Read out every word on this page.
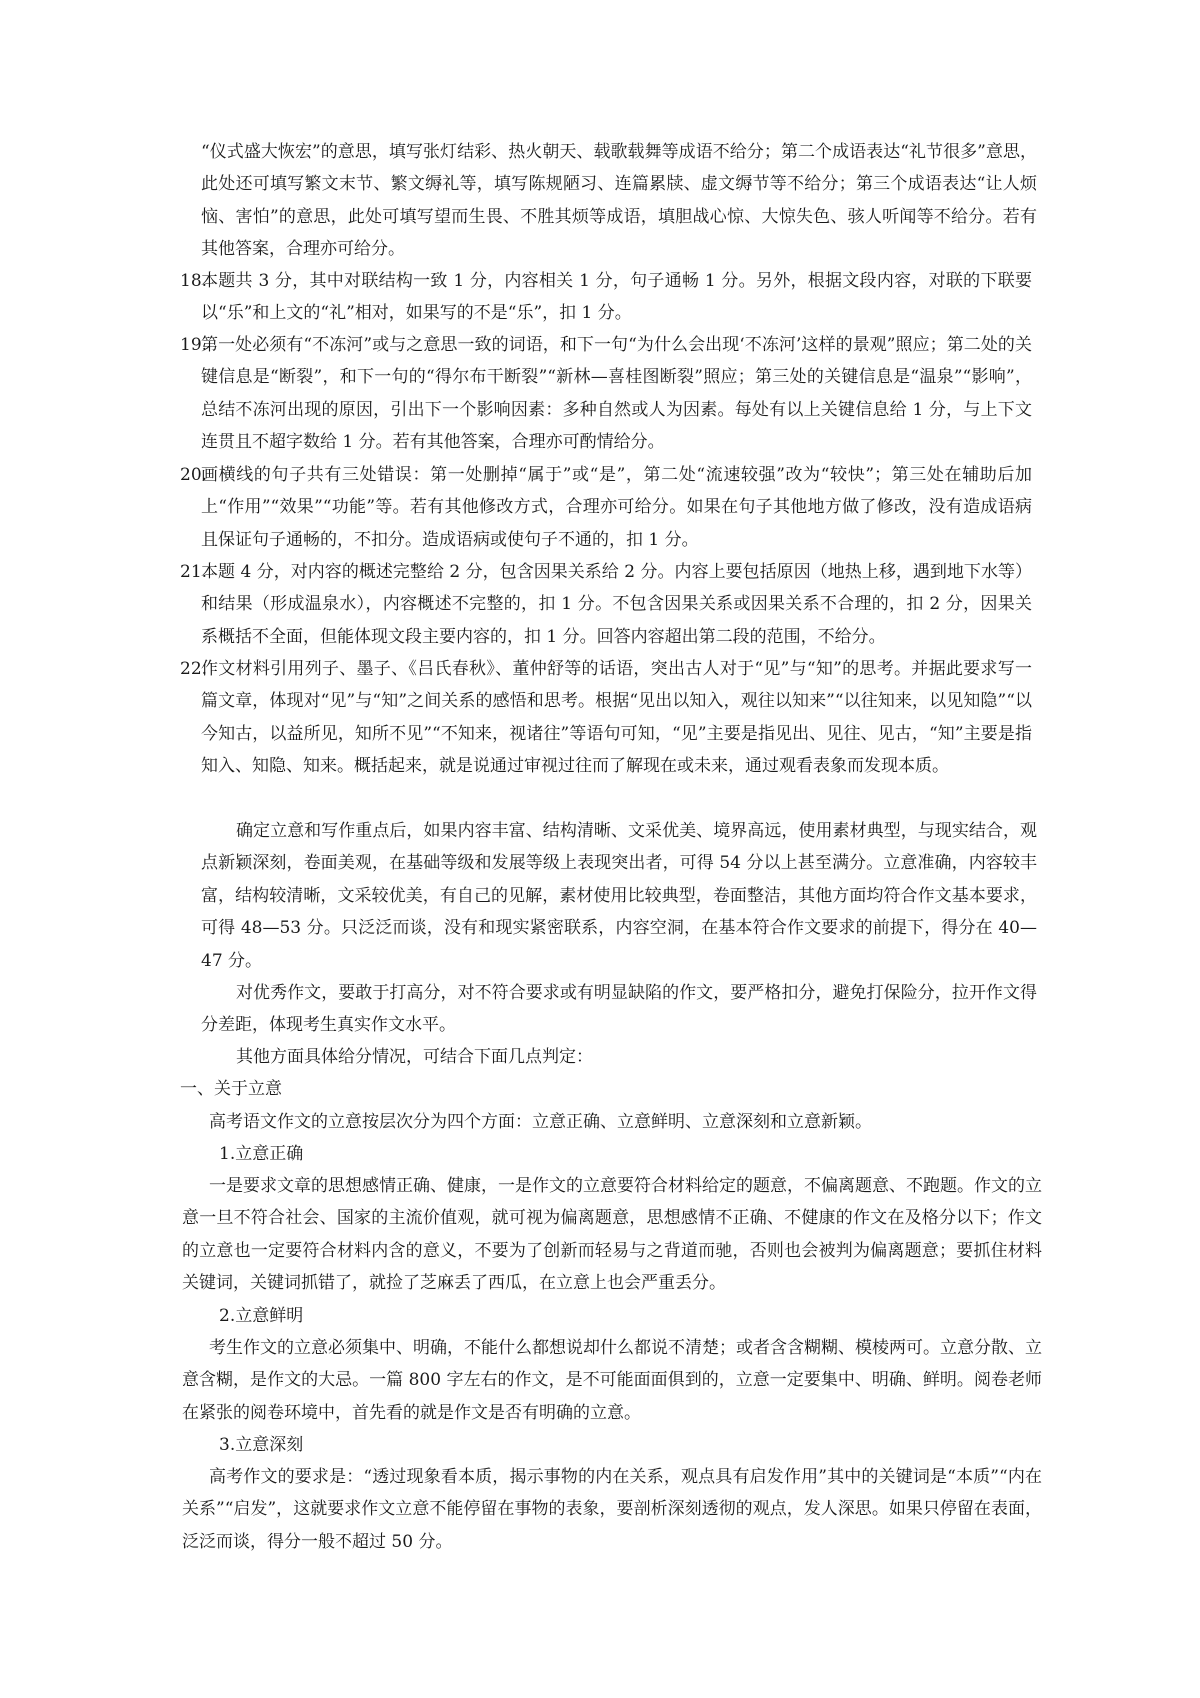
“仪式盛大恢宏”的意思，填写张灯结彩、热火朝天、载歌载舞等成语不给分；第二个成语表达“礼节很多”意思，此处还可填写繁文末节、繁文缛礼等，填写陈规陋习、连篇累牍、虚文缛节等不给分；第三个成语表达“让人烦恼、害怕”的意思，此处可填写望而生畏、不胜其烦等成语，填胆战心惊、大惊失色、骇人听闻等不给分。若有其他答案，合理亦可给分。

18.
本题共 3 分，其中对联结构一致 1 分，内容相关 1 分，句子通畅 1 分。另外，根据文段内容，对联的下联要以“乐”和上文的“礼”相对，如果写的不是“乐”，扣 1 分。
19.
第一处必须有“不冻河”或与之意思一致的词语，和下一句“为什么会出现‘不冻河’这样的景观”照应；第二处的关键信息是“断裂”，和下一句的“得尔布干断裂”“新林—喜桂图断裂”照应；第三处的关键信息是“温泉”“影响”，总结不冻河出现的原因，引出下一个影响因素：多种自然或人为因素。每处有以上关键信息给 1 分，与上下文连贯且不超字数给 1 分。若有其他答案，合理亦可酌情给分。
20.
画横线的句子共有三处错误：第一处删掉“属于”或“是”，第二处“流速较强”改为“较快”；第三处在辅助后加上“作用”“效果”“功能”等。若有其他修改方式，合理亦可给分。如果在句子其他地方做了修改，没有造成语病且保证句子通畅的，不扣分。造成语病或使句子不通的，扣 1 分。
21.
本题 4 分，对内容的概述完整给 2 分，包含因果关系给 2 分。内容上要包括原因（地热上移，遇到地下水等）和结果（形成温泉水），内容概述不完整的，扣 1 分。不包含因果关系或因果关系不合理的，扣 2 分，因果关系概括不全面，但能体现文段主要内容的，扣 1 分。回答内容超出第二段的范围，不给分。
22.
作文材料引用列子、墨子、《吕氏春秋》、董仲舒等的话语，突出古人对于“见”与“知”的思考。并据此要求写一篇文章，体现对“见”与“知”之间关系的感悟和思考。根据“见出以知入，观往以知来”“以往知来，以见知隐”“以今知古，以益所见，知所不见”“不知来，视诸往”等语句可知，“见”主要是指见出、见往、见古，“知”主要是指知入、知隐、知来。概括起来，就是说通过审视过往而了解现在或未来，通过观看表象而发现本质。

确定立意和写作重点后，如果内容丰富、结构清晰、文采优美、境界高远，使用素材典型，与现实结合，观点新颖深刻，卷面美观，在基础等级和发展等级上表现突出者，可得 54 分以上甚至满分。立意准确，内容较丰富，结构较清晰，文采较优美，有自己的见解，素材使用比较典型，卷面整洁，其他方面均符合作文基本要求，可得 48—53 分。只泛泛而谈，没有和现实紧密联系，内容空洞，在基本符合作文要求的前提下，得分在 40—47 分。

对优秀作文，要敢于打高分，对不符合要求或有明显缺陷的作文，要严格扣分，避免打保险分，拉开作文得分差距，体现考生真实作文水平。

其他方面具体给分情况，可结合下面几点判定：

一、关于立意

高考语文作文的立意按层次分为四个方面：立意正确、立意鲜明、立意深刻和立意新颖。

1.立意正确

一是要求文章的思想感情正确、健康，一是作文的立意要符合材料给定的题意，不偏离题意、不跑题。作文的立意一旦不符合社会、国家的主流价值观，就可视为偏离题意，思想感情不正确、不健康的作文在及格分以下；作文的立意也一定要符合材料内含的意义，不要为了创新而轻易与之背道而驰，否则也会被判为偏离题意；要抓住材料关键词，关键词抓错了，就捡了芝麻丢了西瓜，在立意上也会严重丢分。

2.立意鲜明

考生作文的立意必须集中、明确，不能什么都想说却什么都说不清楚；或者含含糊糊、模棱两可。立意分散、立意含糊，是作文的大忌。一篇 800 字左右的作文，是不可能面面俱到的，立意一定要集中、明确、鲜明。阅卷老师在紧张的阅卷环境中，首先看的就是作文是否有明确的立意。

3.立意深刻

高考作文的要求是：“透过现象看本质，揭示事物的内在关系，观点具有启发作用”其中的关键词是“本质”“内在关系”“启发”，这就要求作文立意不能停留在事物的表象，要剖析深刻透彻的观点，发人深思。如果只停留在表面，泛泛而谈，得分一般不超过 50 分。
